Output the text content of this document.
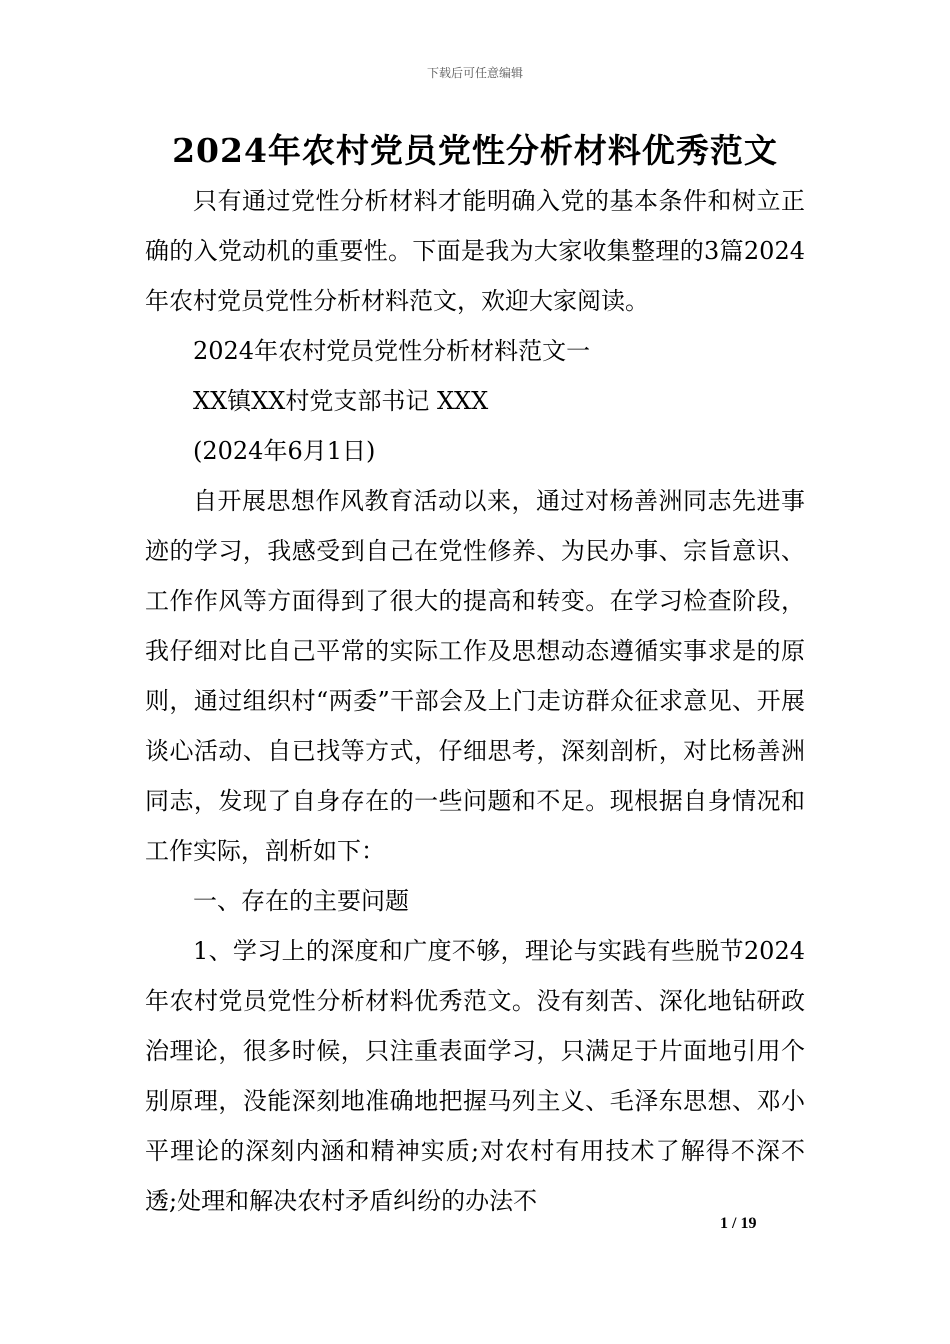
下载后可任意编辑
2024年农村党员党性分析材料优秀范文

只有通过党性分析材料才能明确入党的基本条件和树立正确的入党动机的重要性。下面是我为大家收集整理的3篇2024年农村党员党性分析材料范文，欢迎大家阅读。

2024年农村党员党性分析材料范文一

XX镇XX村党支部书记 XXX

(2024年6月1日)

自开展思想作风教育活动以来，通过对杨善洲同志先进事迹的学习，我感受到自己在党性修养、为民办事、宗旨意识、工作作风等方面得到了很大的提高和转变。在学习检查阶段，我仔细对比自己平常的实际工作及思想动态遵循实事求是的原则，通过组织村“两委”干部会及上门走访群众征求意见、开展谈心活动、自已找等方式，仔细思考，深刻剖析，对比杨善洲同志，发现了自身存在的一些问题和不足。现根据自身情况和工作实际，剖析如下：

一、存在的主要问题

1、学习上的深度和广度不够，理论与实践有些脱节2024年农村党员党性分析材料优秀范文。没有刻苦、深化地钻研政治理论，很多时候，只注重表面学习，只满足于片面地引用个别原理，没能深刻地准确地把握马列主义、毛泽东思想、邓小平理论的深刻内涵和精神实质;对农村有用技术了解得不深不透;处理和解决农村矛盾纠纷的办法不

1 / 19
